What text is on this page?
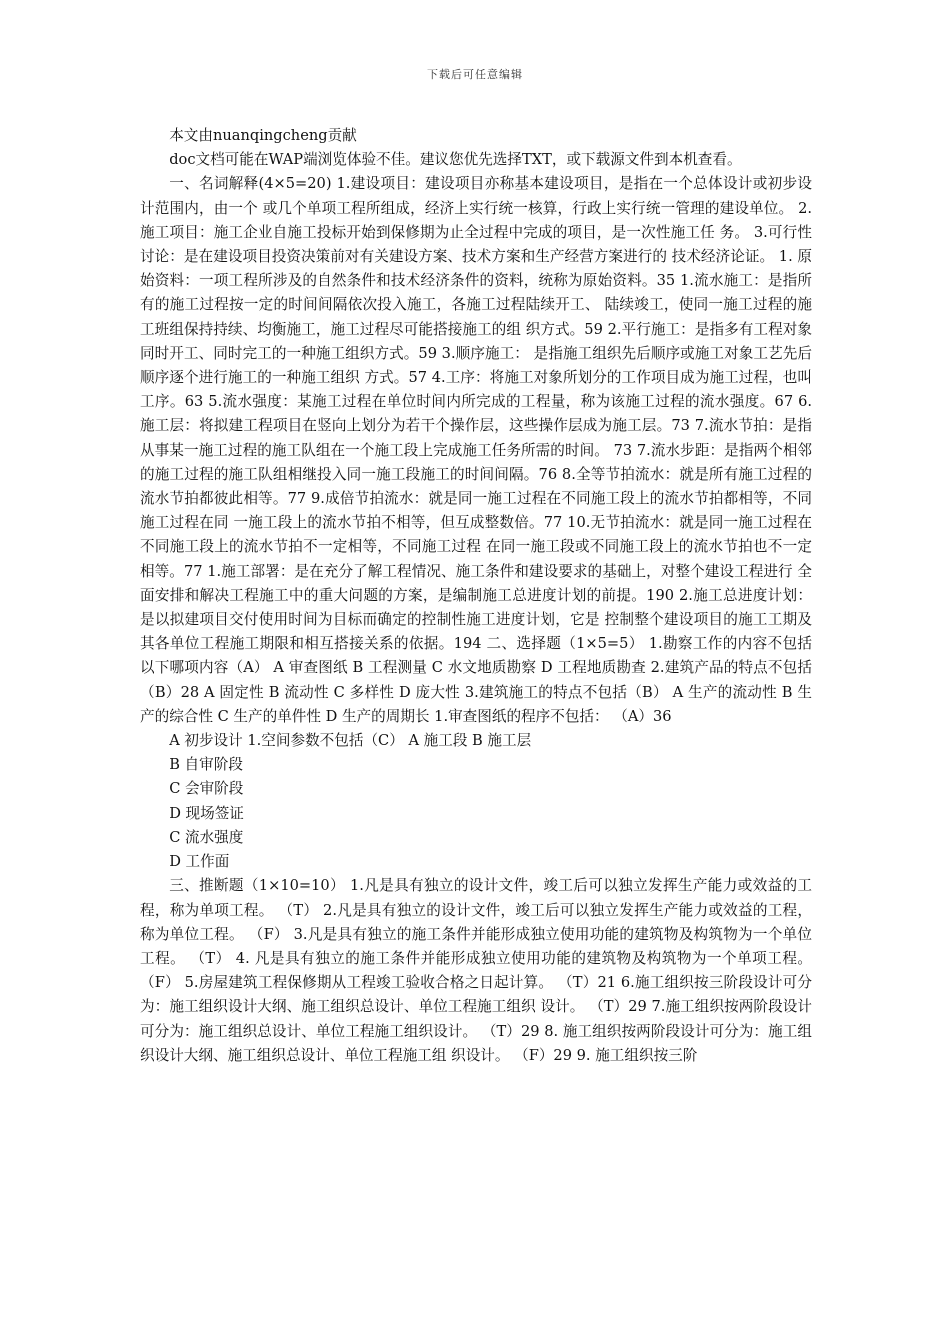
下载后可任意编辑

本文由nuanqingcheng贡献

doc文档可能在WAP端浏览体验不佳。建议您优先选择TXT，或下载源文件到本机查看。

一、名词解释(4×5=20) 1.建设项目：建设项目亦称基本建设项目，是指在一个总体设计或初步设计范围内，由一个 或几个单项工程所组成，经济上实行统一核算，行政上实行统一管理的建设单位。 2.施工项目：施工企业自施工投标开始到保修期为止全过程中完成的项目，是一次性施工任 务。 3.可行性讨论：是在建设项目投资决策前对有关建设方案、技术方案和生产经营方案进行的 技术经济论证。 1. 原始资料：一项工程所涉及的自然条件和技术经济条件的资料，统称为原始资料。35 1.流水施工：是指所有的施工过程按一定的时间间隔依次投入施工，各施工过程陆续开工、 陆续竣工，使同一施工过程的施工班组保持持续、均衡施工，施工过程尽可能搭接施工的组 织方式。59 2.平行施工：是指多有工程对象同时开工、同时完工的一种施工组织方式。59 3.顺序施工： 是指施工组织先后顺序或施工对象工艺先后顺序逐个进行施工的一种施工组织 方式。57 4.工序：将施工对象所划分的工作项目成为施工过程，也叫工序。63 5.流水强度：某施工过程在单位时间内所完成的工程量，称为该施工过程的流水强度。67 6.施工层：将拟建工程项目在竖向上划分为若干个操作层，这些操作层成为施工层。73 7.流水节拍：是指从事某一施工过程的施工队组在一个施工段上完成施工任务所需的时间。 73 7.流水步距：是指两个相邻的施工过程的施工队组相继投入同一施工段施工的时间间隔。76 8.全等节拍流水：就是所有施工过程的流水节拍都彼此相等。77 9.成倍节拍流水：就是同一施工过程在不同施工段上的流水节拍都相等，不同施工过程在同 一施工段上的流水节拍不相等，但互成整数倍。77 10.无节拍流水：就是同一施工过程在不同施工段上的流水节拍不一定相等，不同施工过程 在同一施工段或不同施工段上的流水节拍也不一定相等。77 1.施工部署：是在充分了解工程情况、施工条件和建设要求的基础上，对整个建设工程进行 全面安排和解决工程施工中的重大问题的方案，是编制施工总进度计划的前提。190 2.施工总进度计划：是以拟建项目交付使用时间为目标而确定的控制性施工进度计划，它是 控制整个建设项目的施工工期及其各单位工程施工期限和相互搭接关系的依据。194 二、选择题（1×5=5） 1.勘察工作的内容不包括以下哪项内容（A） A 审查图纸 B 工程测量 C 水文地质勘察 D 工程地质勘查 2.建筑产品的特点不包括（B）28 A 固定性 B 流动性 C 多样性 D 庞大性 3.建筑施工的特点不包括（B） A 生产的流动性 B 生产的综合性 C 生产的单件性 D 生产的周期长 1.审查图纸的程序不包括： （A）36

A 初步设计 1.空间参数不包括（C） A 施工段 B 施工层

B 自审阶段

C 会审阶段

D 现场签证

C 流水强度

D 工作面

三、推断题（1×10=10） 1.凡是具有独立的设计文件，竣工后可以独立发挥生产能力或效益的工程，称为单项工程。 （T） 2.凡是具有独立的设计文件，竣工后可以独立发挥生产能力或效益的工程，称为单位工程。 （F） 3.凡是具有独立的施工条件并能形成独立使用功能的建筑物及构筑物为一个单位工程。 （T） 4. 凡是具有独立的施工条件并能形成独立使用功能的建筑物及构筑物为一个单项工程。 （F） 5.房屋建筑工程保修期从工程竣工验收合格之日起计算。 （T）21 6.施工组织按三阶段设计可分为：施工组织设计大纲、施工组织总设计、单位工程施工组织 设计。 （T）29 7.施工组织按两阶段设计可分为：施工组织总设计、单位工程施工组织设计。 （T）29 8. 施工组织按两阶段设计可分为：施工组织设计大纲、施工组织总设计、单位工程施工组 织设计。 （F）29 9. 施工组织按三阶
